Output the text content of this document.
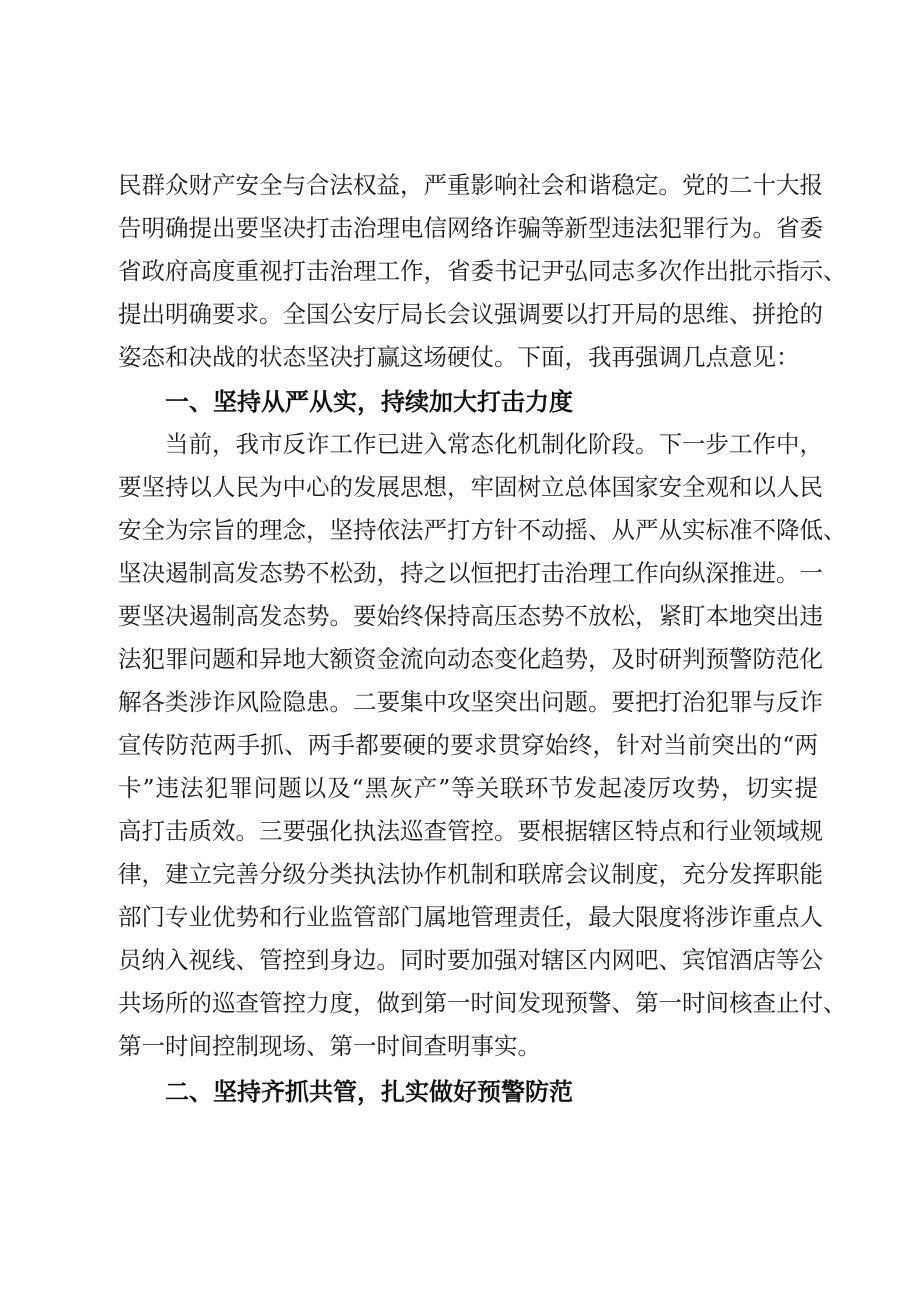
民群众财产安全与合法权益，严重影响社会和谐稳定。党的二十大报
告明确提出要坚决打击治理电信网络诈骗等新型违法犯罪行为。省委
省政府高度重视打击治理工作，省委书记尹弘同志多次作出批示指示、
提出明确要求。全国公安厅局长会议强调要以打开局的思维、拼抢的
姿态和决战的状态坚决打赢这场硬仗。下面，我再强调几点意见：
一、坚持从严从实，持续加大打击力度
当前，我市反诈工作已进入常态化机制化阶段。下一步工作中，
要坚持以人民为中心的发展思想，牢固树立总体国家安全观和以人民
安全为宗旨的理念，坚持依法严打方针不动摇、从严从实标准不降低、
坚决遏制高发态势不松劲，持之以恒把打击治理工作向纵深推进。一
要坚决遏制高发态势。要始终保持高压态势不放松，紧盯本地突出违
法犯罪问题和异地大额资金流向动态变化趋势，及时研判预警防范化
解各类涉诈风险隐患。二要集中攻坚突出问题。要把打治犯罪与反诈
宣传防范两手抓、两手都要硬的要求贯穿始终，针对当前突出的“两
卡”违法犯罪问题以及“黑灰产”等关联环节发起凌厉攻势，切实提
高打击质效。三要强化执法巡查管控。要根据辖区特点和行业领域规
律，建立完善分级分类执法协作机制和联席会议制度，充分发挥职能
部门专业优势和行业监管部门属地管理责任，最大限度将涉诈重点人
员纳入视线、管控到身边。同时要加强对辖区内网吧、宾馆酒店等公
共场所的巡查管控力度，做到第一时间发现预警、第一时间核查止付、
第一时间控制现场、第一时间查明事实。
二、坚持齐抓共管，扎实做好预警防范
